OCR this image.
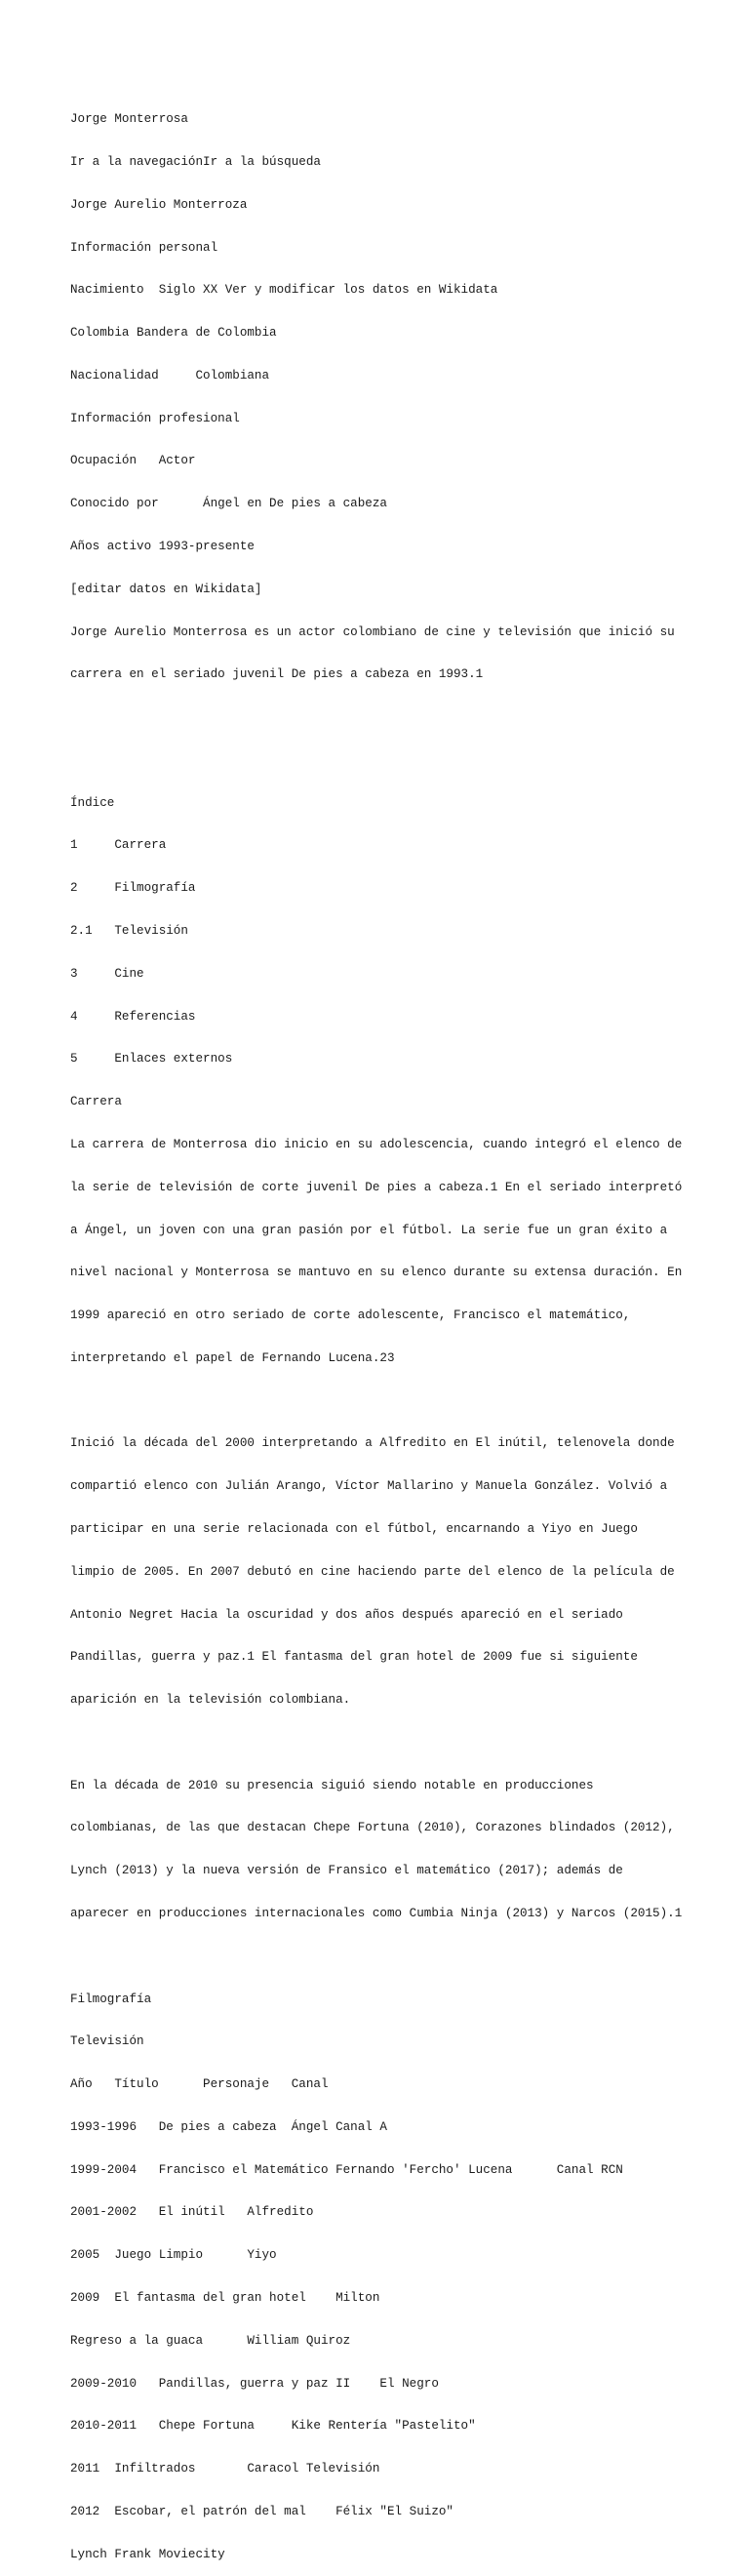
Jorge Monterrosa

Ir a la navegaciónIr a la búsqueda

Jorge Aurelio Monterroza

Información personal

Nacimiento  Siglo XX Ver y modificar los datos en Wikidata

Colombia Bandera de Colombia

Nacionalidad     Colombiana

Información profesional

Ocupación   Actor

Conocido por      Ángel en De pies a cabeza

Años activo 1993-presente

[editar datos en Wikidata]

Jorge Aurelio Monterrosa es un actor colombiano de cine y televisión que inició su

carrera en el seriado juvenil De pies a cabeza en 1993.1

Índice

1     Carrera

2     Filmografía

2.1   Televisión

3     Cine

4     Referencias

5     Enlaces externos

Carrera

La carrera de Monterrosa dio inicio en su adolescencia, cuando integró el elenco de

la serie de televisión de corte juvenil De pies a cabeza.1 En el seriado interpretó

a Ángel, un joven con una gran pasión por el fútbol. La serie fue un gran éxito a

nivel nacional y Monterrosa se mantuvo en su elenco durante su extensa duración. En

1999 apareció en otro seriado de corte adolescente, Francisco el matemático,

interpretando el papel de Fernando Lucena.23

Inició la década del 2000 interpretando a Alfredito en El inútil, telenovela donde

compartió elenco con Julián Arango, Víctor Mallarino y Manuela González. Volvió a

participar en una serie relacionada con el fútbol, encarnando a Yiyo en Juego

limpio de 2005. En 2007 debutó en cine haciendo parte del elenco de la película de

Antonio Negret Hacia la oscuridad y dos años después apareció en el seriado

Pandillas, guerra y paz.1 El fantasma del gran hotel de 2009 fue si siguiente

aparición en la televisión colombiana.

En la década de 2010 su presencia siguió siendo notable en producciones

colombianas, de las que destacan Chepe Fortuna (2010), Corazones blindados (2012),

Lynch (2013) y la nueva versión de Fransico el matemático (2017); además de

aparecer en producciones internacionales como Cumbia Ninja (2013) y Narcos (2015).1

Filmografía

Televisión

Año   Título      Personaje   Canal

1993-1996   De pies a cabeza  Ángel Canal A

1999-2004   Francisco el Matemático Fernando 'Fercho' Lucena      Canal RCN

2001-2002   El inútil   Alfredito

2005  Juego Limpio      Yiyo

2009  El fantasma del gran hotel    Milton

Regreso a la guaca      William Quiroz

2009-2010   Pandillas, guerra y paz II    El Negro

2010-2011   Chepe Fortuna     Kike Rentería "Pastelito"

2011  Infiltrados       Caracol Televisión

2012  Escobar, el patrón del mal    Félix "El Suizo"

Lynch Frank Moviecity
